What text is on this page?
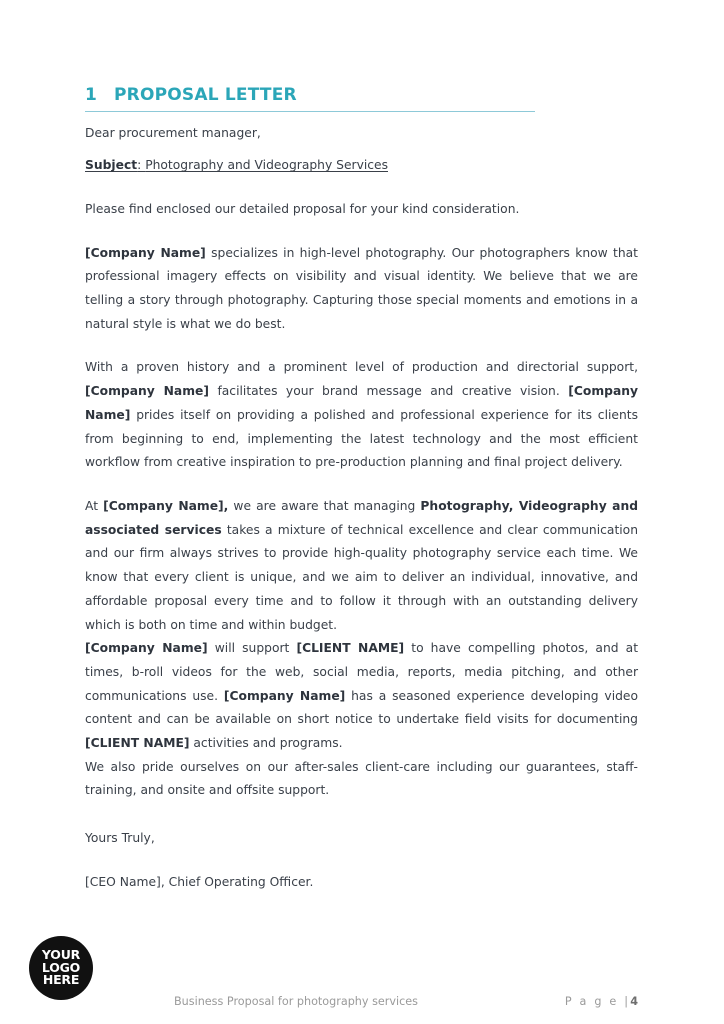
1 PROPOSAL LETTER

Dear procurement manager,

Subject: Photography and Videography Services

Please find enclosed our detailed proposal for your kind consideration.

[Company Name] specializes in high-level photography. Our photographers know that professional imagery effects on visibility and visual identity. We believe that we are telling a story through photography. Capturing those special moments and emotions in a natural style is what we do best.

With a proven history and a prominent level of production and directorial support, [Company Name] facilitates your brand message and creative vision. [Company Name] prides itself on providing a polished and professional experience for its clients from beginning to end, implementing the latest technology and the most efficient workflow from creative inspiration to pre-production planning and final project delivery.

At [Company Name], we are aware that managing Photography, Videography and associated services takes a mixture of technical excellence and clear communication and our firm always strives to provide high-quality photography service each time. We know that every client is unique, and we aim to deliver an individual, innovative, and affordable proposal every time and to follow it through with an outstanding delivery which is both on time and within budget.

[Company Name] will support [CLIENT NAME] to have compelling photos, and at times, b-roll videos for the web, social media, reports, media pitching, and other communications use. [Company Name] has a seasoned experience developing video content and can be available on short notice to undertake field visits for documenting [CLIENT NAME] activities and programs.

We also pride ourselves on our after-sales client-care including our guarantees, staff-training, and onsite and offsite support.

Yours Truly,

[CEO Name], Chief Operating Officer.

YOUR
LOGO
HERE
Business Proposal for photography services	P a g e |4
